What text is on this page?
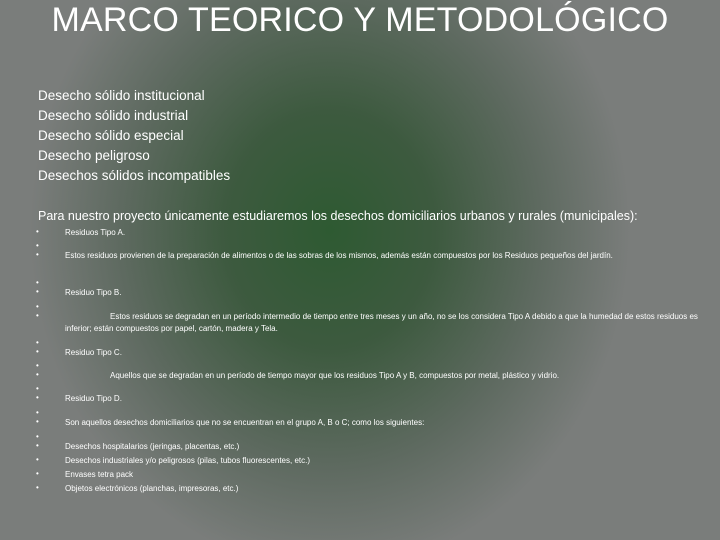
MARCO TEORICO Y METODOLÓGICO
Desecho sólido institucional
Desecho sólido industrial
Desecho sólido especial
Desecho peligroso
Desechos sólidos incompatibles
Para nuestro proyecto únicamente estudiaremos los desechos domiciliarios urbanos y rurales (municipales):
•	Residuos Tipo A.
•
•	Estos residuos provienen de la preparación de alimentos o de las sobras de los mismos, además están compuestos por los Residuos pequeños del jardín.
•
•	Residuo Tipo B.
•
•	Estos residuos se degradan en un período intermedio de tiempo entre tres meses y un año, no se los considera Tipo A debido a que la humedad de estos residuos es inferior; están compuestos por papel, cartón, madera y Tela.
•
•	Residuo Tipo C.
•
•	Aquellos que se degradan en un período de tiempo mayor que los residuos Tipo A y B, compuestos por metal, plástico y vidrio.
•
•	Residuo Tipo D.
•
•	Son aquellos desechos domiciliarios que no se encuentran en el grupo A, B o C; como los siguientes:
•
•	Desechos hospitalarios (jeringas, placentas, etc.)
•	Desechos industriales y/o peligrosos (pilas, tubos fluorescentes, etc.)
•	Envases tetra pack
•	Objetos electrónicos (planchas, impresoras, etc.)
